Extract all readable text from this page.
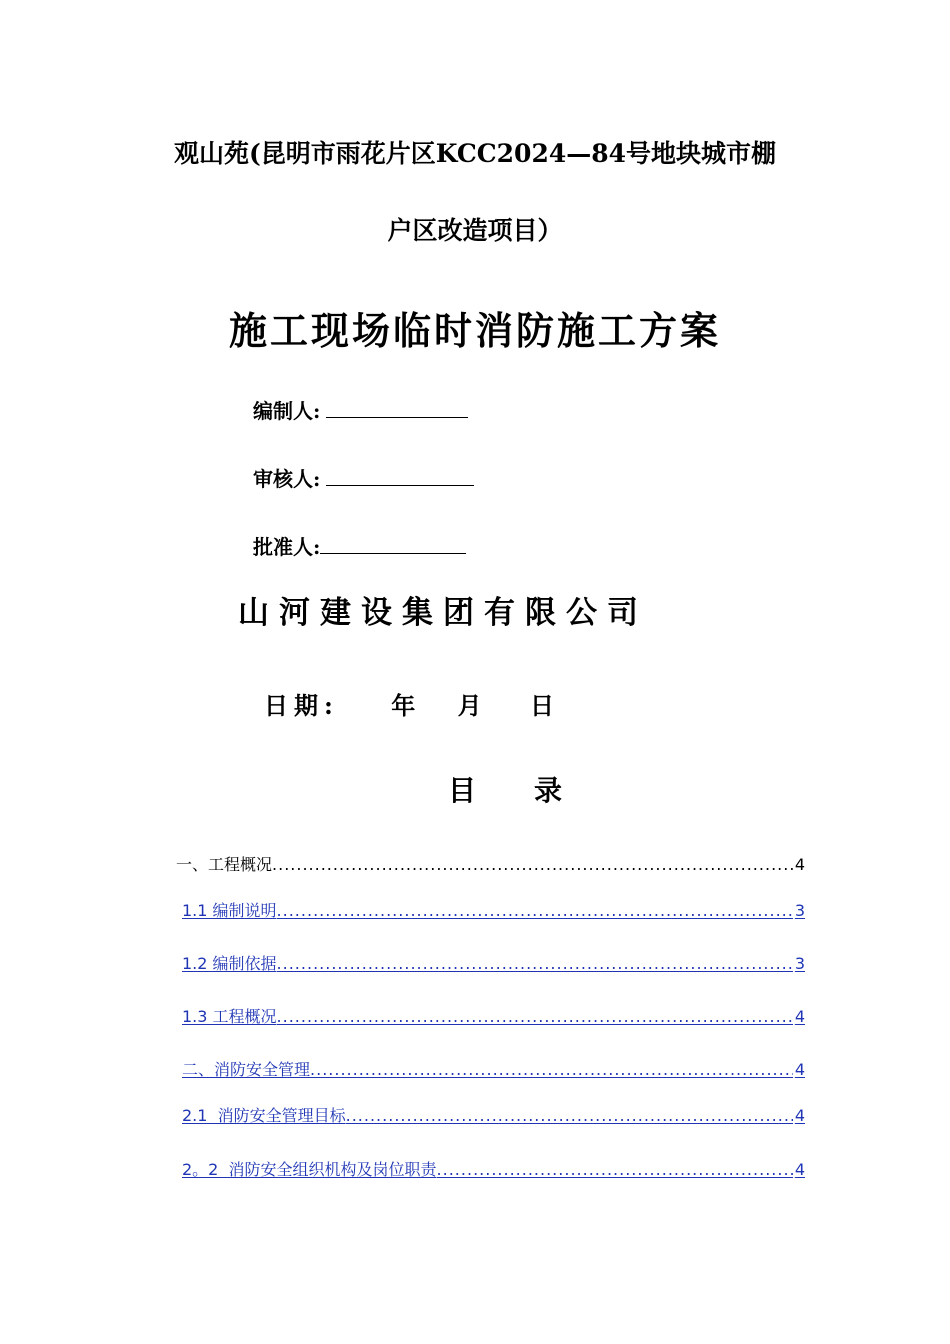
观山苑(昆明市雨花片区KCC2024—84号地块城市棚
户区改造项目）
施工现场临时消防施工方案
编制人:
审核人:
批准人:
山河建设集团有限公司
日期: 年 月 日
目 录
一、工程概况 .....	4
1.1 编制说明 .....	3
1.2 编制依据 .....	3
1.3 工程概况 .....	4
二、消防安全管理 .....	4
2.1  消防安全管理目标 .....	4
2。2  消防安全组织机构及岗位职责 .....	4
